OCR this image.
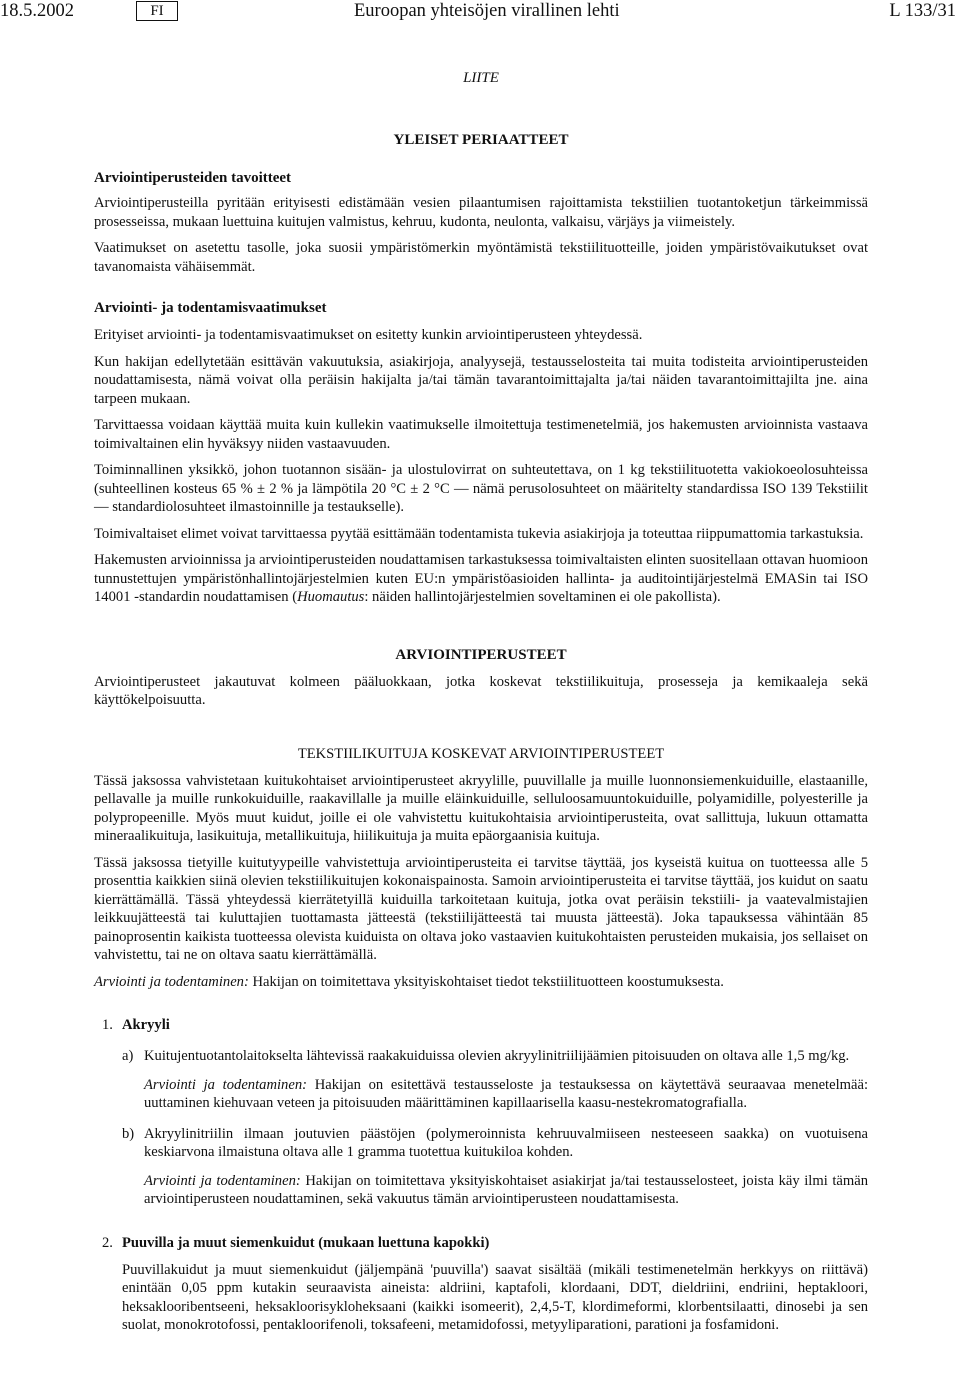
18.5.2002	FI	Euroopan yhteisöjen virallinen lehti	L 133/31
LIITE
YLEISET PERIAATTEET
Arviointiperusteiden tavoitteet

Arviointiperusteilla pyritään erityisesti edistämään vesien pilaantumisen rajoittamista tekstiilien tuotantoketjun tärkeimmissä prosesseissa, mukaan luettuina kuitujen valmistus, kehruu, kudonta, neulonta, valkaisu, värjäys ja viimeistely.

Vaatimukset on asetettu tasolle, joka suosii ympäristömerkin myöntämistä tekstiilituotteille, joiden ympäristövaikutukset ovat tavanomaista vähäisemmät.

Arviointi- ja todentamisvaatimukset

Erityiset arviointi- ja todentamisvaatimukset on esitetty kunkin arviointiperusteen yhteydessä.

Kun hakijan edellytetään esittävän vakuutuksia, asiakirjoja, analyysejä, testausselosteita tai muita todisteita arviointiperusteiden noudattamisesta, nämä voivat olla peräisin hakijalta ja/tai tämän tavarantoimittajalta ja/tai näiden tavarantoimittajilta jne. aina tarpeen mukaan.

Tarvittaessa voidaan käyttää muita kuin kullekin vaatimukselle ilmoitettuja testimenetelmiä, jos hakemusten arvioinnista vastaava toimivaltainen elin hyväksyy niiden vastaavuuden.

Toiminnallinen yksikkö, johon tuotannon sisään- ja ulostulovirrat on suhteutettava, on 1 kg tekstiilituotetta vakiokoeolosuhteissa (suhteellinen kosteus 65 % ± 2 % ja lämpötila 20 °C ± 2 °C — nämä perusolosuhteet on määritelty standardissa ISO 139 Tekstiilit — standardiolosuhteet ilmastoinnille ja testaukselle).

Toimivaltaiset elimet voivat tarvittaessa pyytää esittämään todentamista tukevia asiakirjoja ja toteuttaa riippumattomia tarkastuksia.

Hakemusten arvioinnissa ja arviointiperusteiden noudattamisen tarkastuksessa toimivaltaisten elinten suositellaan ottavan huomioon tunnustettujen ympäristönhallintojärjestelmien kuten EU:n ympäristöasioiden hallinta- ja auditointijärjestelmä EMASin tai ISO 14001 -standardin noudattamisen (Huomautus: näiden hallintojärjestelmien soveltaminen ei ole pakollista).

ARVIOINTIPERUSTEET

Arviointiperusteet jakautuvat kolmeen pääluokkaan, jotka koskevat tekstiilikuituja, prosesseja ja kemikaaleja sekä käyttökelpoisuutta.

TEKSTIILIKUITUJA KOSKEVAT ARVIOINTIPERUSTEET

Tässä jaksossa vahvistetaan kuitukohtaiset arviointiperusteet akryylille, puuvillalle ja muille luonnonsiemenkuiduille, elastaanille, pellavalle ja muille runkokuiduille, raakavillalle ja muille eläinkuiduille, selluloosamuuntokuiduille, polyamidille, polyesterille ja polypropeenille. Myös muut kuidut, joille ei ole vahvistettu kuitukohtaisia arviointiperusteita, ovat sallittuja, lukuun ottamatta mineraalikuituja, lasikuituja, metallikuituja, hiilikuituja ja muita epäorgaanisia kuituja.

Tässä jaksossa tietyille kuitutyypeille vahvistettuja arviointiperusteita ei tarvitse täyttää, jos kyseistä kuitua on tuotteessa alle 5 prosenttia kaikkien siinä olevien tekstiilikuitujen kokonaispainosta. Samoin arviointiperusteita ei tarvitse täyttää, jos kuidut on saatu kierrättämällä. Tässä yhteydessä kierrätetyillä kuiduilla tarkoitetaan kuituja, jotka ovat peräisin tekstiili- ja vaatevalmistajien leikkuujätteestä tai kuluttajien tuottamasta jätteestä (tekstiilijätteestä tai muusta jätteestä). Joka tapauksessa vähintään 85 painoprosentin kaikista tuotteessa olevista kuiduista on oltava joko vastaavien kuitukohtaisten perusteiden mukaisia, jos sellaiset on vahvistettu, tai ne on oltava saatu kierrättämällä.

Arviointi ja todentaminen: Hakijan on toimitettava yksityiskohtaiset tiedot tekstiilituotteen koostumuksesta.

1. Akryyli
a) Kuitujentuotantolaitokselta lähtevissä raakakuiduissa olevien akryylinitriilijäämien pitoisuuden on oltava alle 1,5 mg/kg.

Arviointi ja todentaminen: Hakijan on esitettävä testausseloste ja testauksessa on käytettävä seuraavaa menetelmää: uuttaminen kiehuvaan veteen ja pitoisuuden määrittäminen kapillaarisella kaasu-nestekromatografialla.

b) Akryylinitriilin ilmaan joutuvien päästöjen (polymeroinnista kehruuvalmiiseen nesteeseen saakka) on vuotuisena keskiarvona ilmaistuna oltava alle 1 gramma tuotettua kuitukiloa kohden.

Arviointi ja todentaminen: Hakijan on toimitettava yksityiskohtaiset asiakirjat ja/tai testausselosteet, joista käy ilmi tämän arviointiperusteen noudattaminen, sekä vakuutus tämän arviointiperusteen noudattamisesta.

2. Puuvilla ja muut siemenkuidut (mukaan luettuna kapokki)

Puuvillakuidut ja muut siemenkuidut (jäljempänä 'puuvilla') saavat sisältää (mikäli testimenetelmän herkkyys on riittävä) enintään 0,05 ppm kutakin seuraavista aineista: aldriini, kaptafoli, klordaani, DDT, dieldriini, endriini, heptakloori, heksaklooribentseeni, heksakloorisykloheksaani (kaikki isomeerit), 2,4,5-T, klordimeformi, klorbentsilaatti, dinosebi ja sen suolat, monokrotofossi, pentakloorifenoli, toksafeeni, metamidofossi, metyyliparationi, parationi ja fosfamidoni.
